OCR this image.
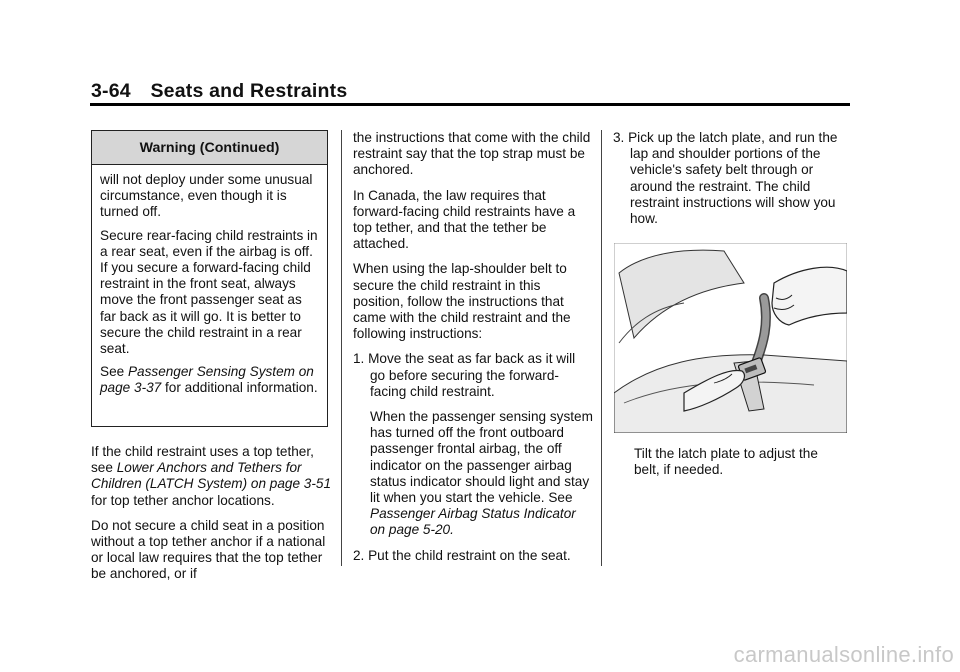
3-64 Seats and Restraints
Warning (Continued)

will not deploy under some unusual circumstance, even though it is turned off.

Secure rear-facing child restraints in a rear seat, even if the airbag is off. If you secure a forward-facing child restraint in the front seat, always move the front passenger seat as far back as it will go. It is better to secure the child restraint in a rear seat.

See Passenger Sensing System on page 3-37 for additional information.

If the child restraint uses a top tether, see Lower Anchors and Tethers for Children (LATCH System) on page 3-51 for top tether anchor locations.

Do not secure a child seat in a position without a top tether anchor if a national or local law requires that the top tether be anchored, or if

the instructions that come with the child restraint say that the top strap must be anchored.

In Canada, the law requires that forward-facing child restraints have a top tether, and that the tether be attached.

When using the lap-shoulder belt to secure the child restraint in this position, follow the instructions that came with the child restraint and the following instructions:

1. Move the seat as far back as it will go before securing the forward-facing child restraint.

When the passenger sensing system has turned off the front outboard passenger frontal airbag, the off indicator on the passenger airbag status indicator should light and stay lit when you start the vehicle. See

Passenger Airbag Status Indicator on page 5-20.

2. Put the child restraint on the seat.

3. Pick up the latch plate, and run the lap and shoulder portions of the vehicle's safety belt through or around the restraint. The child restraint instructions will show you how.

Tilt the latch plate to adjust the belt, if needed.

carmanualsonline.info
